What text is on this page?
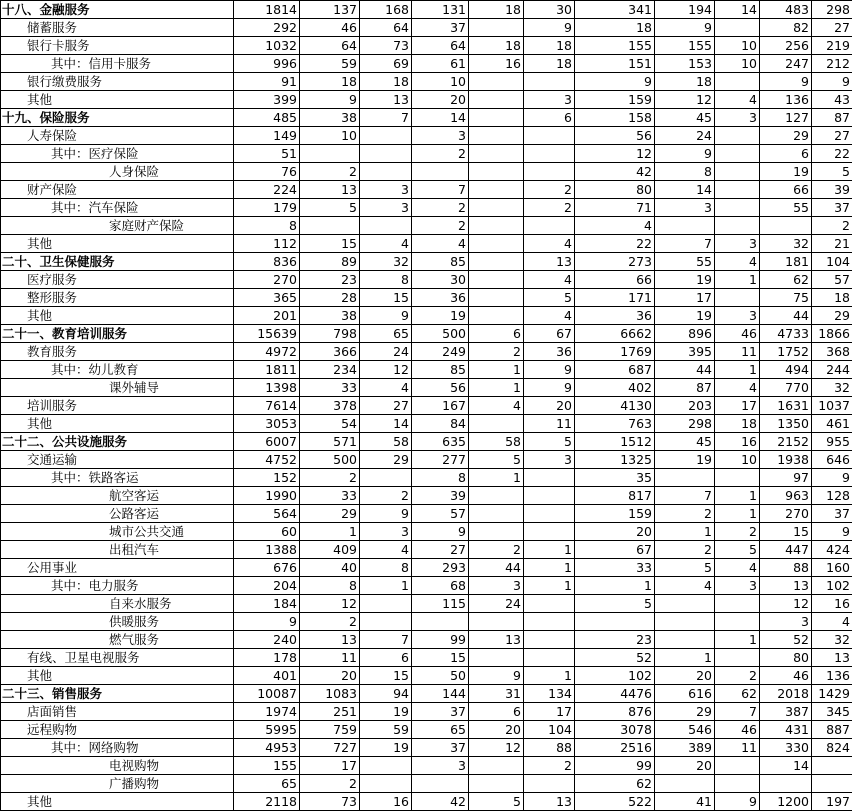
十八、金融服务	1814	137	168	131	18	30	341	194	14	483	298
储蓄服务	292	46	64	37		9	18	9		82	27
银行卡服务	1032	64	73	64	18	18	155	155	10	256	219
其中：信用卡服务	996	59	69	61	16	18	151	153	10	247	212
银行缴费服务	91	18	18	10			9	18		9	9
其他	399	9	13	20		3	159	12	4	136	43
十九、保险服务	485	38	7	14		6	158	45	3	127	87
人寿保险	149	10		3			56	24		29	27
其中：医疗保险	51			2			12	9		6	22
人身保险	76	2					42	8		19	5
财产保险	224	13	3	7		2	80	14		66	39
其中：汽车保险	179	5	3	2		2	71	3		55	37
家庭财产保险	8			2			4				2
其他	112	15	4	4		4	22	7	3	32	21
二十、卫生保健服务	836	89	32	85		13	273	55	4	181	104
医疗服务	270	23	8	30		4	66	19	1	62	57
整形服务	365	28	15	36		5	171	17		75	18
其他	201	38	9	19		4	36	19	3	44	29
二十一、教育培训服务	15639	798	65	500	6	67	6662	896	46	4733	1866
教育服务	4972	366	24	249	2	36	1769	395	11	1752	368
其中：幼儿教育	1811	234	12	85	1	9	687	44	1	494	244
课外辅导	1398	33	4	56	1	9	402	87	4	770	32
培训服务	7614	378	27	167	4	20	4130	203	17	1631	1037
其他	3053	54	14	84		11	763	298	18	1350	461
二十二、公共设施服务	6007	571	58	635	58	5	1512	45	16	2152	955
交通运输	4752	500	29	277	5	3	1325	19	10	1938	646
其中：铁路客运	152	2		8	1		35			97	9
航空客运	1990	33	2	39			817	7	1	963	128
公路客运	564	29	9	57			159	2	1	270	37
城市公共交通	60	1	3	9			20	1	2	15	9
出租汽车	1388	409	4	27	2	1	67	2	5	447	424
公用事业	676	40	8	293	44	1	33	5	4	88	160
其中：电力服务	204	8	1	68	3	1	1	4	3	13	102
自来水服务	184	12		115	24		5			12	16
供暖服务	9	2								3	4
燃气服务	240	13	7	99	13		23		1	52	32
有线、卫星电视服务	178	11	6	15			52	1		80	13
其他	401	20	15	50	9	1	102	20	2	46	136
二十三、销售服务	10087	1083	94	144	31	134	4476	616	62	2018	1429
店面销售	1974	251	19	37	6	17	876	29	7	387	345
远程购物	5995	759	59	65	20	104	3078	546	46	431	887
其中：网络购物	4953	727	19	37	12	88	2516	389	11	330	824
电视购物	155	17		3		2	99	20		14	
广播购物	65	2					62				
其他	2118	73	16	42	5	13	522	41	9	1200	197
